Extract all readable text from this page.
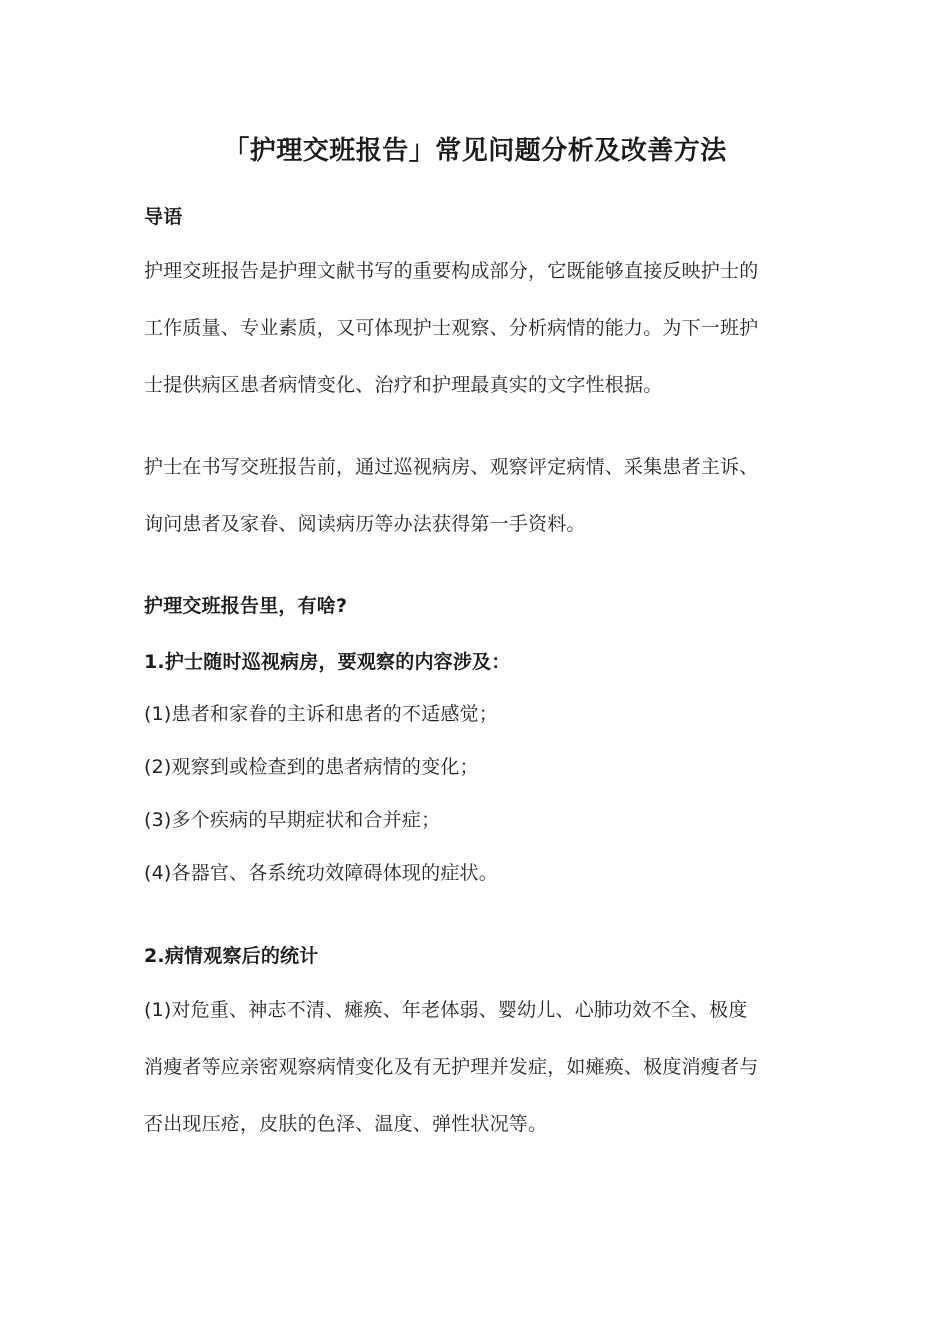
「护理交班报告」常见问题分析及改善方法
导语
护理交班报告是护理文献书写的重要构成部分，它既能够直接反映护士的
工作质量、专业素质，又可体现护士观察、分析病情的能力。为下一班护
士提供病区患者病情变化、治疗和护理最真实的文字性根据。
护士在书写交班报告前，通过巡视病房、观察评定病情、采集患者主诉、
询问患者及家眷、阅读病历等办法获得第一手资料。
护理交班报告里，有啥?
1.护士随时巡视病房，要观察的内容涉及：
(1)患者和家眷的主诉和患者的不适感觉；
(2)观察到或检查到的患者病情的变化；
(3)多个疾病的早期症状和合并症；
(4)各器官、各系统功效障碍体现的症状。
2.病情观察后的统计
(1)对危重、神志不清、瘫痪、年老体弱、婴幼儿、心肺功效不全、极度
消瘦者等应亲密观察病情变化及有无护理并发症，如瘫痪、极度消瘦者与
否出现压疮，皮肤的色泽、温度、弹性状况等。
